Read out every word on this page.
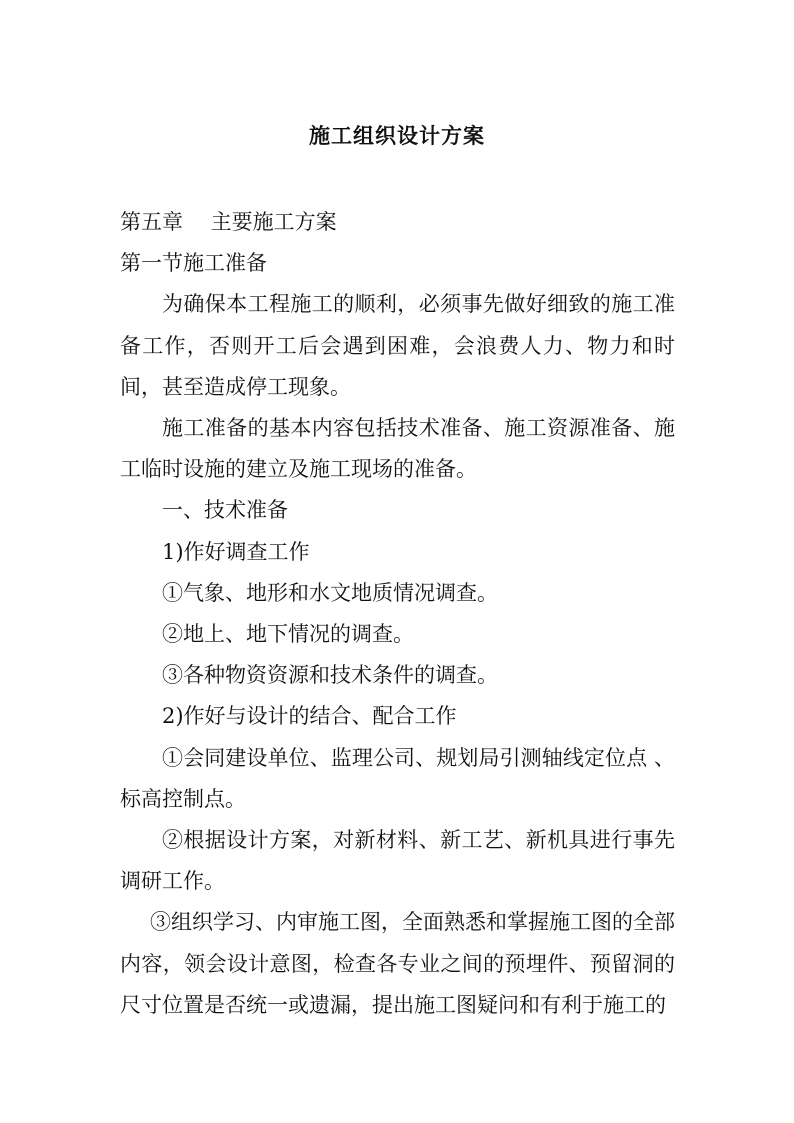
施工组织设计方案

第五章　 主要施工方案

第一节施工准备

为确保本工程施工的顺利，必须事先做好细致的施工准备工作，否则开工后会遇到困难，会浪费人力、物力和时间，甚至造成停工现象。

施工准备的基本内容包括技术准备、施工资源准备、施工临时设施的建立及施工现场的准备。

一、技术准备

1)作好调查工作

①气象、地形和水文地质情况调查。

②地上、地下情况的调查。

③各种物资资源和技术条件的调查。

2)作好与设计的结合、配合工作

①会同建设单位、监理公司、规划局引测轴线定位点 、标高控制点。

②根据设计方案，对新材料、新工艺、新机具进行事先调研工作。

③组织学习、内审施工图，全面熟悉和掌握施工图的全部内容，领会设计意图，检查各专业之间的预埋件、预留洞的尺寸位置是否统一或遗漏，提出施工图疑问和有利于施工的
